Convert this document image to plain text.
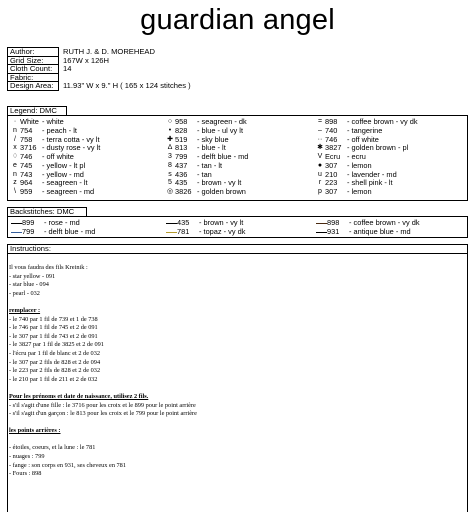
guardian angel
Author:	RUTH J. & D. MOREHEAD
Grid Size:	167W x 126H
Cloth Count:	14
Fabric:	
Design Area:	11.93" W x 9." H ( 165 x 124 stitches )
Legend: DMC
· White - white
n 754	- peach - lt
/ 758	- terra cotta - vy lt
x 3716 - dusty rose - vy lt
♢ 746	- off white
e 745	- yellow - lt pl
n 743	- yellow - md
z 964	- seagreen - lt
\ 959	- seagreen - md
○ 958	- seagreen - dk
• 828	- blue - ul vy lt
✚ 519	- sky blue
∆ 813	- blue - lt
3 799	- delft blue - md
8 437	- tan - lt
s 436	- tan
5 435	- brown - vy lt
◎ 3826 - golden brown
= 898	- coffee brown - vy dk
– 740	- tangerine
·· 746	- off white
✱ 3827 - golden brown - pl
V Ecru - ecru
● 307	- lemon
u 210	- lavender - md
r 223	- shell pink - lt
p 307	- lemon
Backstitches: DMC
899	- rose - md
799	- delft blue - md
435	- brown - vy lt
781	- topaz - vy dk
898	- coffee brown - vy dk
931	- antique blue - md
Instructions:
Il vous faudra des fils Kreinik :
- star yellow - 091
- star blue - 094
- pearl - 032
remplacer :
- le 740 par 1 fil de 739 et 1 de 738
- le 746 par 1 fil de 745 et 2 de 091
- le 307 par 1 fil de 743 et 2 de 091
- le 3827 par 1 fil de 3825 et 2 de 091
- l'écru par 1 fil de blanc et 2 de 032
- le 307 par 2 fils de 828 et 2 de 094
- le 223 par 2 fils de 828 et 2 de 032
- le 210 par 1 fil de 211 et 2 de 032
Pour les prénoms et date de naissance, utilisez 2 fils.
- s'il s'agit d'une fille : le 3716 pour les croix et le 899 pour le point arrière
- s'il s'agit d'un garçon : le 813 pour les croix et le 799 pour le point arrière
les points arrières :
- étoiles, coeurs, et la lune : le 781
- nuages : 799
- fange : son corps en 931, ses cheveux en 781
- Fours : 898
